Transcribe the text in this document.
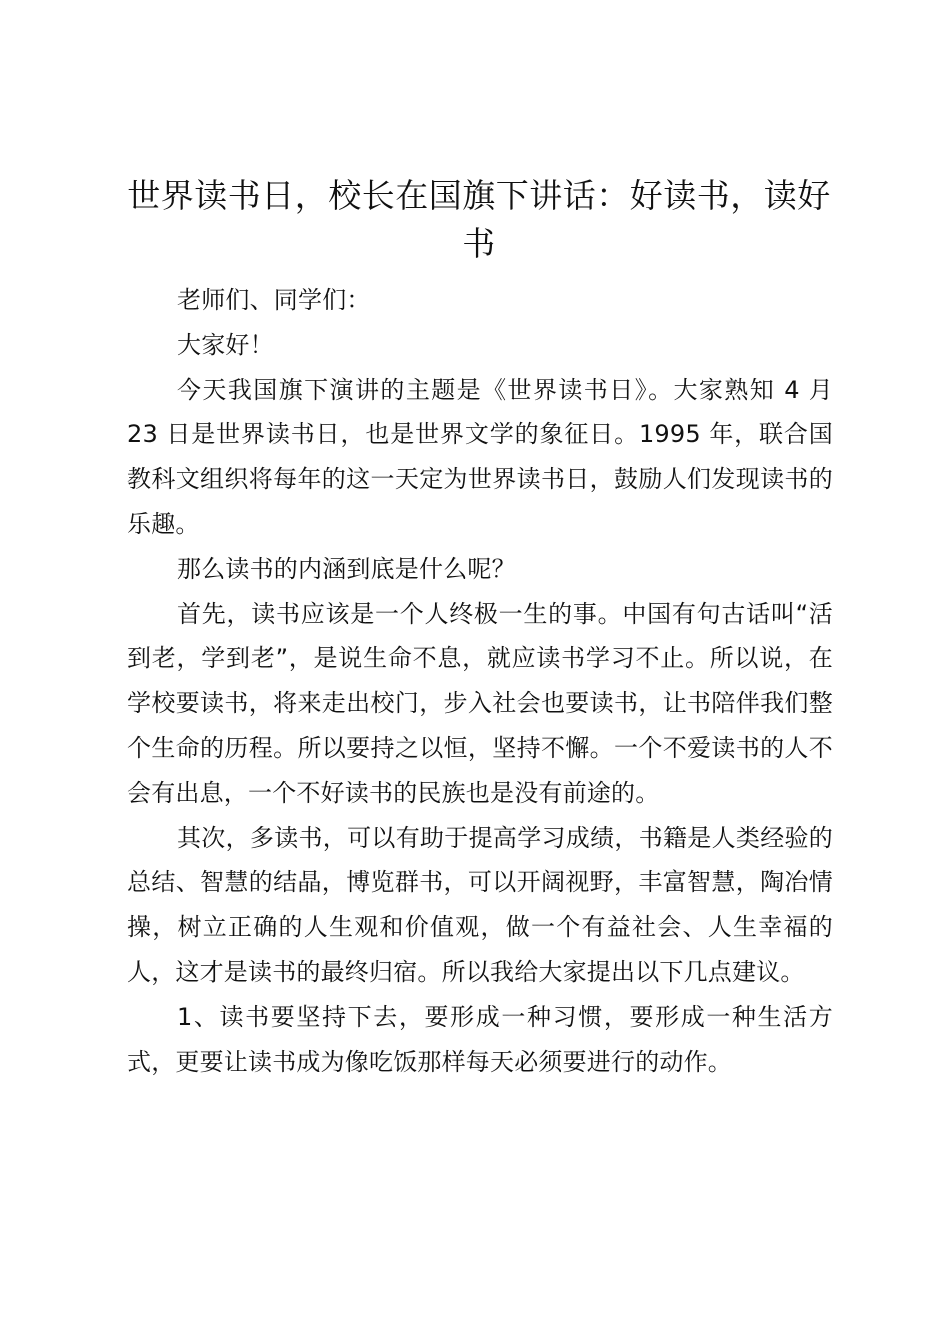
世界读书日，校长在国旗下讲话：好读书，读好书

老师们、同学们：

大家好！

今天我国旗下演讲的主题是《世界读书日》。大家熟知 4 月 23 日是世界读书日，也是世界文学的象征日。1995 年，联合国教科文组织将每年的这一天定为世界读书日，鼓励人们发现读书的乐趣。

那么读书的内涵到底是什么呢？

首先，读书应该是一个人终极一生的事。中国有句古话叫“活到老，学到老”，是说生命不息，就应读书学习不止。所以说，在学校要读书，将来走出校门，步入社会也要读书，让书陪伴我们整个生命的历程。所以要持之以恒，坚持不懈。一个不爱读书的人不会有出息，一个不好读书的民族也是没有前途的。

其次，多读书，可以有助于提高学习成绩，书籍是人类经验的总结、智慧的结晶，博览群书，可以开阔视野，丰富智慧，陶冶情操，树立正确的人生观和价值观，做一个有益社会、人生幸福的人，这才是读书的最终归宿。所以我给大家提出以下几点建议。

1、读书要坚持下去，要形成一种习惯，要形成一种生活方式，更要让读书成为像吃饭那样每天必须要进行的动作。
